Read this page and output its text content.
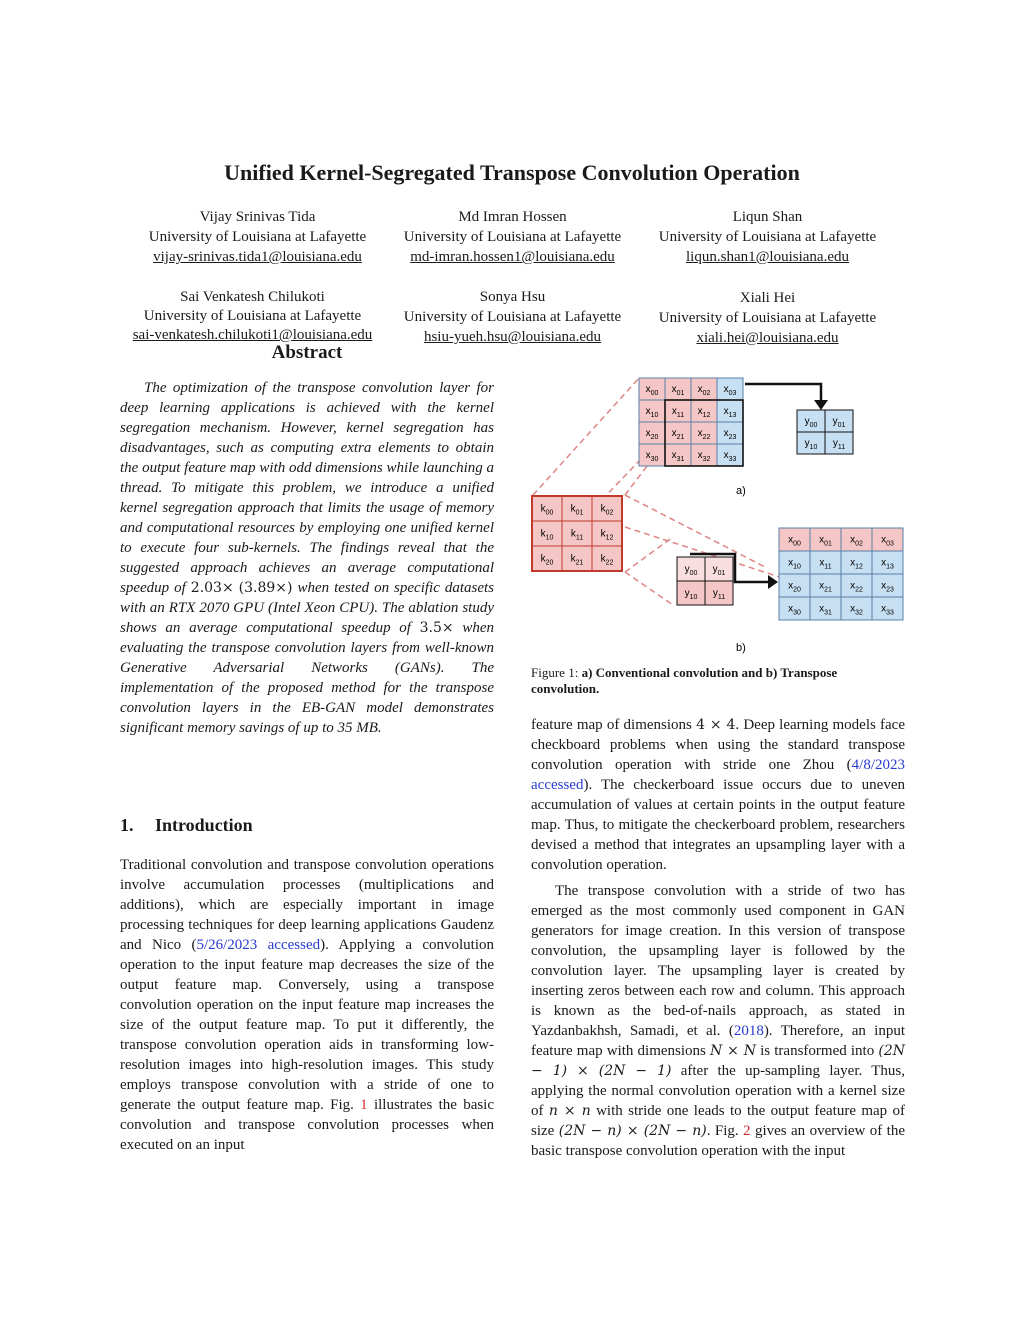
Unified Kernel-Segregated Transpose Convolution Operation
Vijay Srinivas Tida
University of Louisiana at Lafayette
vijay-srinivas.tida1@louisiana.edu
Md Imran Hossen
University of Louisiana at Lafayette
md-imran.hossen1@louisiana.edu
Liqun Shan
University of Louisiana at Lafayette
liqun.shan1@louisiana.edu
Sai Venkatesh Chilukoti
University of Louisiana at Lafayette
sai-venkatesh.chilukoti1@louisiana.edu
Sonya Hsu
University of Louisiana at Lafayette
hsiu-yueh.hsu@louisiana.edu
Xiali Hei
University of Louisiana at Lafayette
xiali.hei@louisiana.edu
Abstract

The optimization of the transpose convolution layer for deep learning applications is achieved with the kernel segregation mechanism. However, kernel segregation has disadvantages, such as computing extra elements to obtain the output feature map with odd dimensions while launching a thread. To mitigate this problem, we introduce a unified kernel segregation approach that limits the usage of memory and computational resources by employing one unified kernel to execute four sub-kernels. The findings reveal that the suggested approach achieves an average computational speedup of 2.03× (3.89×) when tested on specific datasets with an RTX 2070 GPU (Intel Xeon CPU). The ablation study shows an average computational speedup of 3.5× when evaluating the transpose convolution layers from well-known Generative Adversarial Networks (GANs). The implementation of the proposed method for the transpose convolution layers in the EB-GAN model demonstrates significant memory savings of up to 35 MB.

1. Introduction

Traditional convolution and transpose convolution operations involve accumulation processes (multiplications and additions), which are especially important in image processing techniques for deep learning applications Gaudenz and Nico (5/26/2023 accessed). Applying a convolution operation to the input feature map decreases the size of the output feature map. Conversely, using a transpose convolution operation on the input feature map increases the size of the output feature map. To put it differently, the transpose convolution operation aids in transforming low-resolution images into high-resolution images. This study employs transpose convolution with a stride of one to generate the output feature map. Fig. 1 illustrates the basic convolution and transpose convolution processes when executed on an input

$x_{00}$ $x_{01}$ $x_{02}$ $x_{03}$
$x_{10}$ $x_{11}$ $x_{12}$ $x_{13}$
$x_{20}$ $x_{21}$ $x_{22}$ $x_{23}$
$x_{30}$ $x_{31}$ $x_{32}$ $x_{33}$
$y_{00}$ $y_{01}$
$y_{10}$ $y_{11}$
$k_{00}$ $k_{01}$ $k_{02}$
$k_{10}$ $k_{11}$ $k_{12}$
$k_{20}$ $k_{21}$ $k_{22}$
$y_{00}$ $y_{01}$
$y_{10}$ $y_{11}$
$x_{00}$ $x_{01}$ $x_{02}$ $x_{03}$
$x_{10}$ $x_{11}$ $x_{12}$ $x_{13}$
$x_{20}$ $x_{21}$ $x_{22}$ $x_{23}$
$x_{30}$ $x_{31}$ $x_{32}$ $x_{33}$
a)
b)
Figure 1: a) Conventional convolution and b) Transpose convolution.

feature map of dimensions 4 × 4. Deep learning models face checkboard problems when using the standard transpose convolution operation with stride one Zhou (4/8/2023 accessed). The checkerboard issue occurs due to uneven accumulation of values at certain points in the output feature map. Thus, to mitigate the checkerboard problem, researchers devised a method that integrates an upsampling layer with a convolution operation.

The transpose convolution with a stride of two has emerged as the most commonly used component in GAN generators for image creation. In this version of transpose convolution, the upsampling layer is followed by the convolution layer. The upsampling layer is created by inserting zeros between each row and column. This approach is known as the bed-of-nails approach, as stated in Yazdanbakhsh, Samadi, et al. (2018). Therefore, an input feature map with dimensions N × N is transformed into (2N − 1) × (2N − 1) after the up-sampling layer. Thus, applying the normal convolution operation with a kernel size of n × n with stride one leads to the output feature map of size (2N − n) × (2N − n). Fig. 2 gives an overview of the basic transpose convolution operation with the input
